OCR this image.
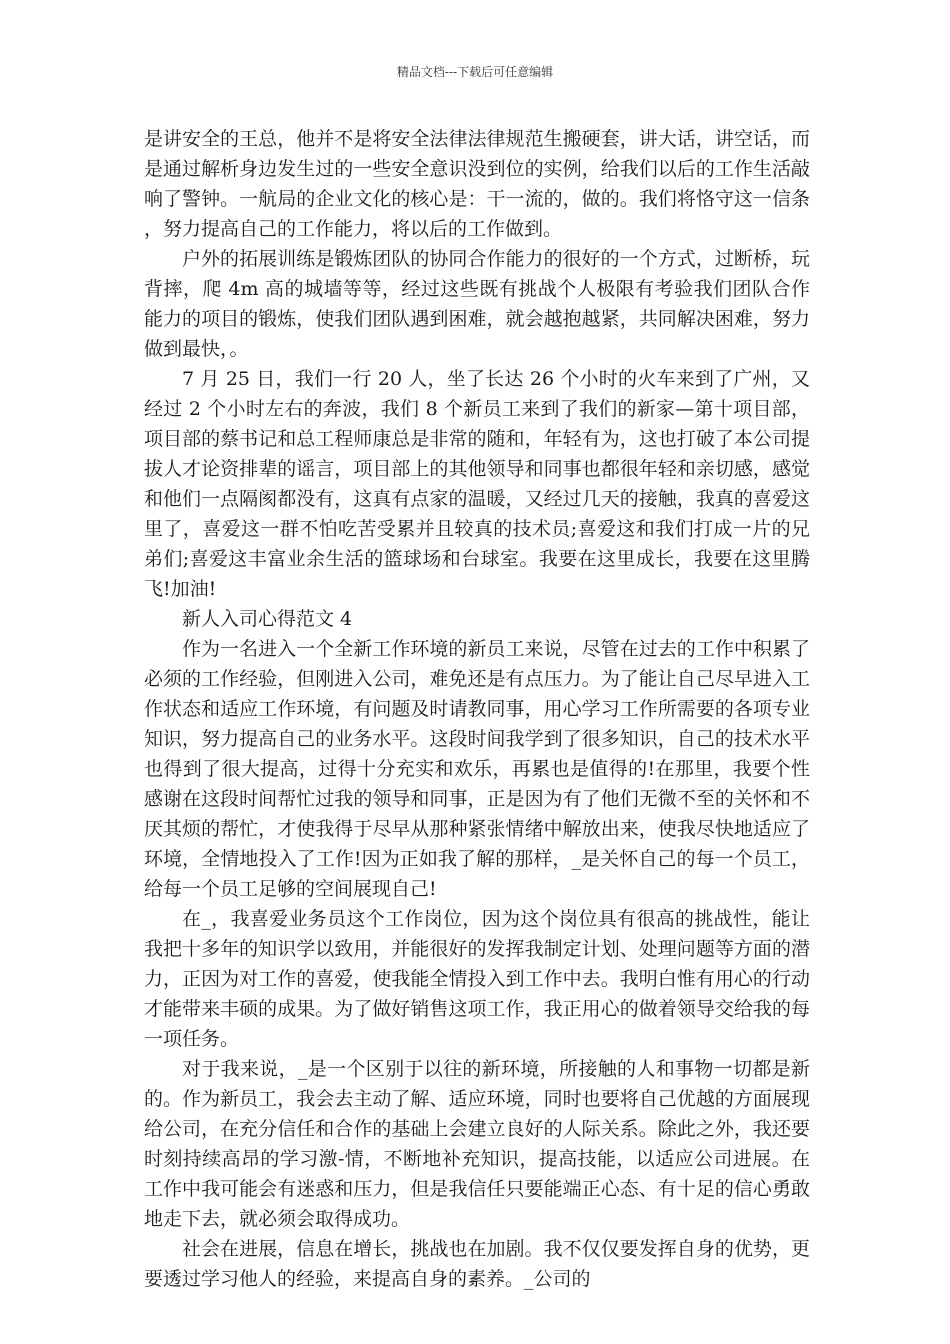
精品文档---下载后可任意编辑

是讲安全的王总，他并不是将安全法律法律规范生搬硬套，讲大话，讲空话，而是通过解析身边发生过的一些安全意识没到位的实例，给我们以后的工作生活敲响了警钟。一航局的企业文化的核心是：干一流的，做的。我们将恪守这一信条，努力提高自己的工作能力，将以后的工作做到。

户外的拓展训练是锻炼团队的协同合作能力的很好的一个方式，过断桥，玩背摔，爬 4m 高的城墙等等，经过这些既有挑战个人极限有考验我们团队合作能力的项目的锻炼，使我们团队遇到困难，就会越抱越紧，共同解决困难，努力做到最快，。

7 月 25 日，我们一行 20 人，坐了长达 26 个小时的火车来到了广州，又经过 2 个小时左右的奔波，我们 8 个新员工来到了我们的新家—第十项目部，项目部的蔡书记和总工程师康总是非常的随和，年轻有为，这也打破了本公司提拔人才论资排辈的谣言，项目部上的其他领导和同事也都很年轻和亲切感，感觉和他们一点隔阂都没有，这真有点家的温暖，又经过几天的接触，我真的喜爱这里了，喜爱这一群不怕吃苦受累并且较真的技术员;喜爱这和我们打成一片的兄弟们;喜爱这丰富业余生活的篮球场和台球室。我要在这里成长，我要在这里腾飞!加油!

新人入司心得范文 4

作为一名进入一个全新工作环境的新员工来说，尽管在过去的工作中积累了必须的工作经验，但刚进入公司，难免还是有点压力。为了能让自己尽早进入工作状态和适应工作环境，有问题及时请教同事，用心学习工作所需要的各项专业知识，努力提高自己的业务水平。这段时间我学到了很多知识，自己的技术水平也得到了很大提高，过得十分充实和欢乐，再累也是值得的!在那里，我要个性感谢在这段时间帮忙过我的领导和同事，正是因为有了他们无微不至的关怀和不厌其烦的帮忙，才使我得于尽早从那种紧张情绪中解放出来，使我尽快地适应了环境，全情地投入了工作!因为正如我了解的那样，_是关怀自己的每一个员工，给每一个员工足够的空间展现自己!

在_，我喜爱业务员这个工作岗位，因为这个岗位具有很高的挑战性，能让我把十多年的知识学以致用，并能很好的发挥我制定计划、处理问题等方面的潜力，正因为对工作的喜爱，使我能全情投入到工作中去。我明白惟有用心的行动才能带来丰硕的成果。为了做好销售这项工作，我正用心的做着领导交给我的每一项任务。

对于我来说，_是一个区别于以往的新环境，所接触的人和事物一切都是新的。作为新员工，我会去主动了解、适应环境，同时也要将自己优越的方面展现给公司，在充分信任和合作的基础上会建立良好的人际关系。除此之外，我还要时刻持续高昂的学习激-情，不断地补充知识，提高技能，以适应公司进展。在工作中我可能会有迷惑和压力，但是我信任只要能端正心态、有十足的信心勇敢地走下去，就必须会取得成功。

社会在进展，信息在增长，挑战也在加剧。我不仅仅要发挥自身的优势，更要透过学习他人的经验，来提高自身的素养。_公司的
